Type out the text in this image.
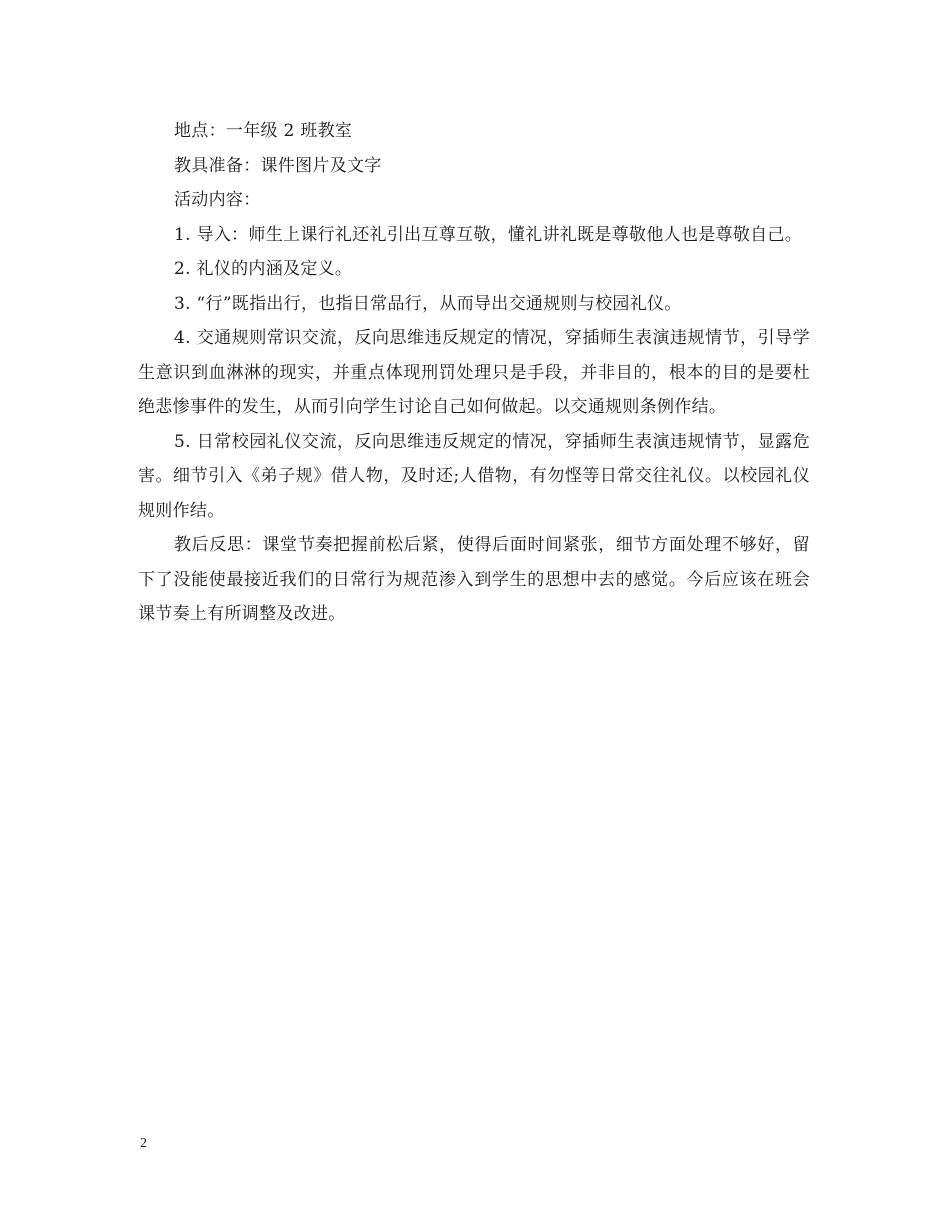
地点：一年级 2 班教室

教具准备：课件图片及文字

活动内容：

1. 导入：师生上课行礼还礼引出互尊互敬，懂礼讲礼既是尊敬他人也是尊敬自己。

2. 礼仪的内涵及定义。

3. “行”既指出行，也指日常品行，从而导出交通规则与校园礼仪。

4. 交通规则常识交流，反向思维违反规定的情况，穿插师生表演违规情节，引导学生意识到血淋淋的现实，并重点体现刑罚处理只是手段，并非目的，根本的目的是要杜绝悲惨事件的发生，从而引向学生讨论自己如何做起。以交通规则条例作结。

5. 日常校园礼仪交流，反向思维违反规定的情况，穿插师生表演违规情节，显露危害。细节引入《弟子规》借人物，及时还;人借物，有勿悭等日常交往礼仪。以校园礼仪规则作结。

教后反思：课堂节奏把握前松后紧，使得后面时间紧张，细节方面处理不够好，留下了没能使最接近我们的日常行为规范渗入到学生的思想中去的感觉。今后应该在班会课节奏上有所调整及改进。

2
